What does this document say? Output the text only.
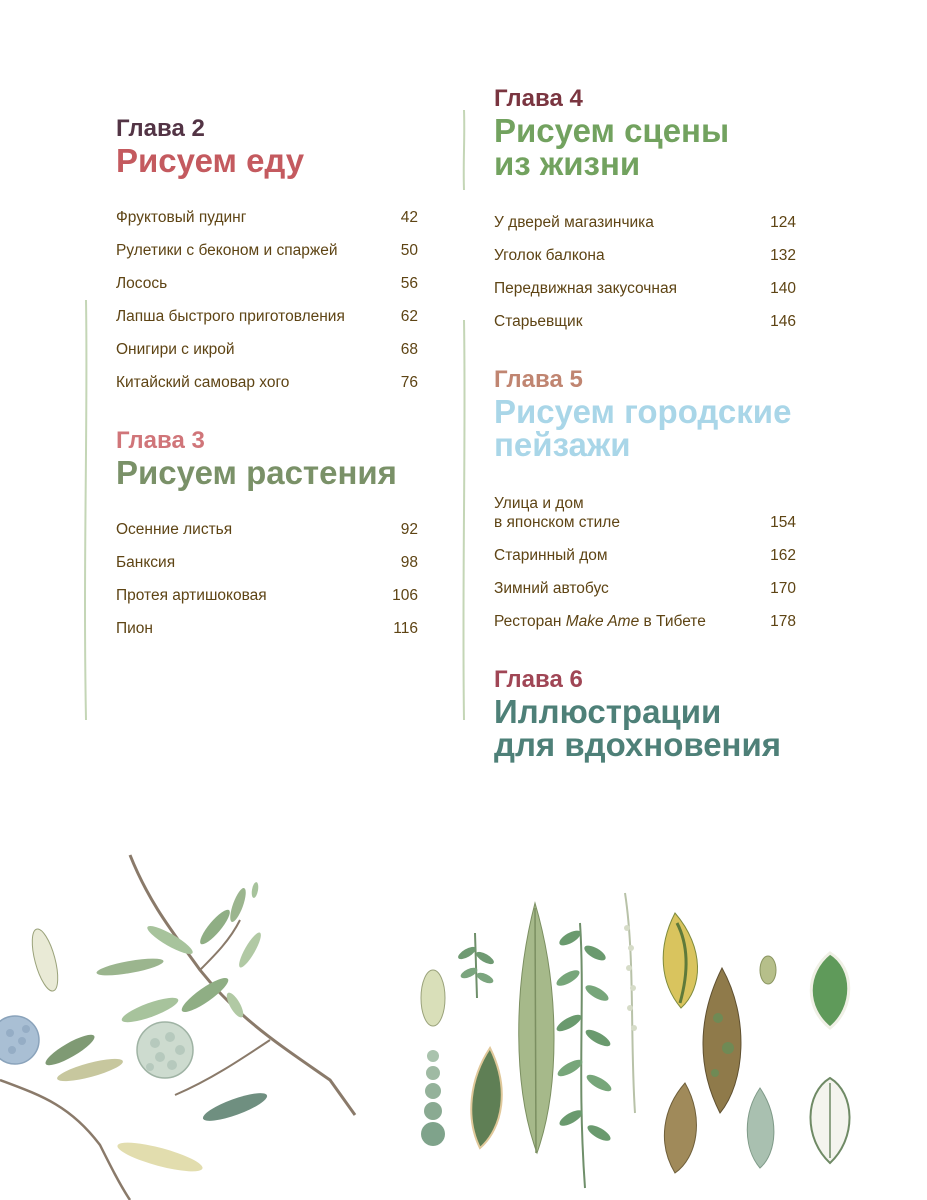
Глава 2
Рисуем еду
Фруктовый пудинг	42
Рулетики с беконом и спаржей	50
Лосось	56
Лапша быстрого приготовления	62
Онигири с икрой	68
Китайский самовар хого	76
Глава 3
Рисуем растения
Осенние листья	92
Банксия	98
Протея артишоковая	106
Пион	116
Глава 4
Рисуем сцены
из жизни
У дверей магазинчика	124
Уголок балкона	132
Передвижная закусочная	140
Старьевщик	146
Глава 5
Рисуем городские
пейзажи
Улица и дом
в японском стиле	154
Старинный дом	162
Зимний автобус	170
Ресторан Make Ame в Тибете	178
Глава 6
Иллюстрации
для вдохновения
